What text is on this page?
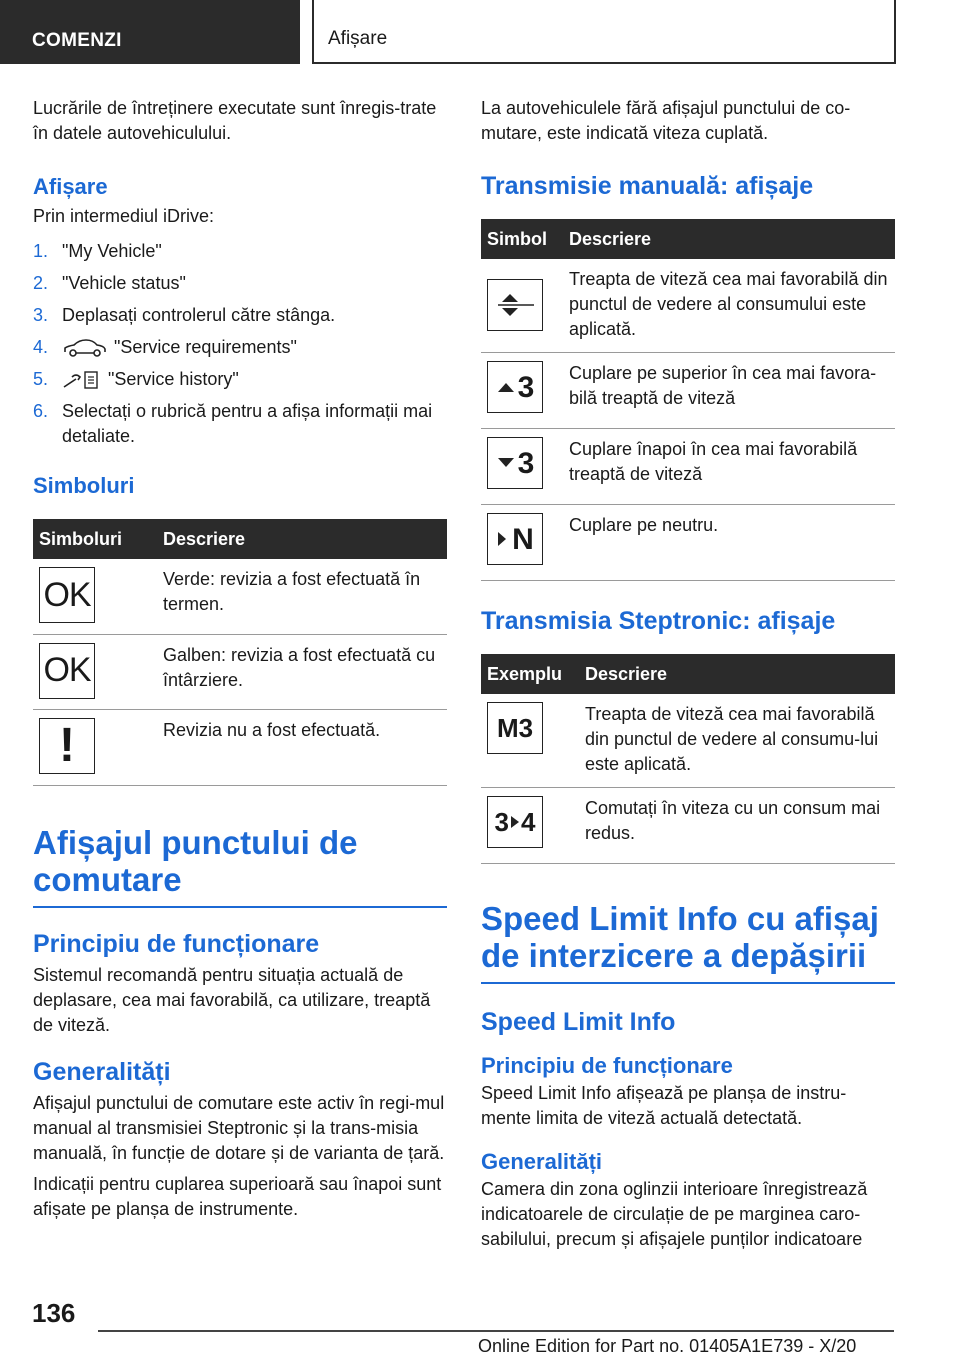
COMENZI	Afișare

Lucrările de întreținere executate sunt înregis-trate în datele autovehiculului.

Afișare

Prin intermediul iDrive:

1. "My Vehicle"
2. "Vehicle status"
3. Deplasați controlerul către stânga.
4.	"Service requirements"
5.	"Service history"
6. Selectați o rubrică pentru a afișa informații mai detaliate.
Simboluri
Simboluri	Descriere

OK	Verde: revizia a fost efectuată în termen.

OK	Galben: revizia a fost efectuată cu întârziere.

!	Revizia nu a fost efectuată.
Afișajul punctului de comutare
Principiu de funcționare

Sistemul recomandă pentru situația actuală de deplasare, cea mai favorabilă, ca utilizare, treaptă de viteză.

Generalități

Afișajul punctului de comutare este activ în regi-mul manual al transmisiei Steptronic și la trans-misia manuală, în funcție de dotare și de varianta de țară.

Indicații pentru cuplarea superioară sau înapoi sunt afișate pe planșa de instrumente.

La autovehiculele fără afișajul punctului de co-mutare, este indicată viteza cuplată.

Transmisie manuală: afișaje
Simbol	Descriere

	Treapta de viteză cea mai favorabilă din punctul de vedere al consumului este aplicată.

3	Cuplare pe superior în cea mai favora-bilă treaptă de viteză

3	Cuplare înapoi în cea mai favorabilă treaptă de viteză

N	Cuplare pe neutru.
Transmisia Steptronic: afișaje
Exemplu	Descriere

M3	Treapta de viteză cea mai favorabilă din punctul de vedere al consumu-lui este aplicată.

3 4	Comutați în viteza cu un consum mai redus.
Speed Limit Info cu afișaj de interzicere a depășirii
Speed Limit Info
Principiu de funcționare

Speed Limit Info afișează pe planșa de instru-mente limita de viteză actuală detectată.

Generalități

Camera din zona oglinzii interioare înregistrează indicatoarele de circulație de pe marginea caro-sabilului, precum și afișajele punților indicatoare

136
Online Edition for Part no. 01405A1E739 - X/20
